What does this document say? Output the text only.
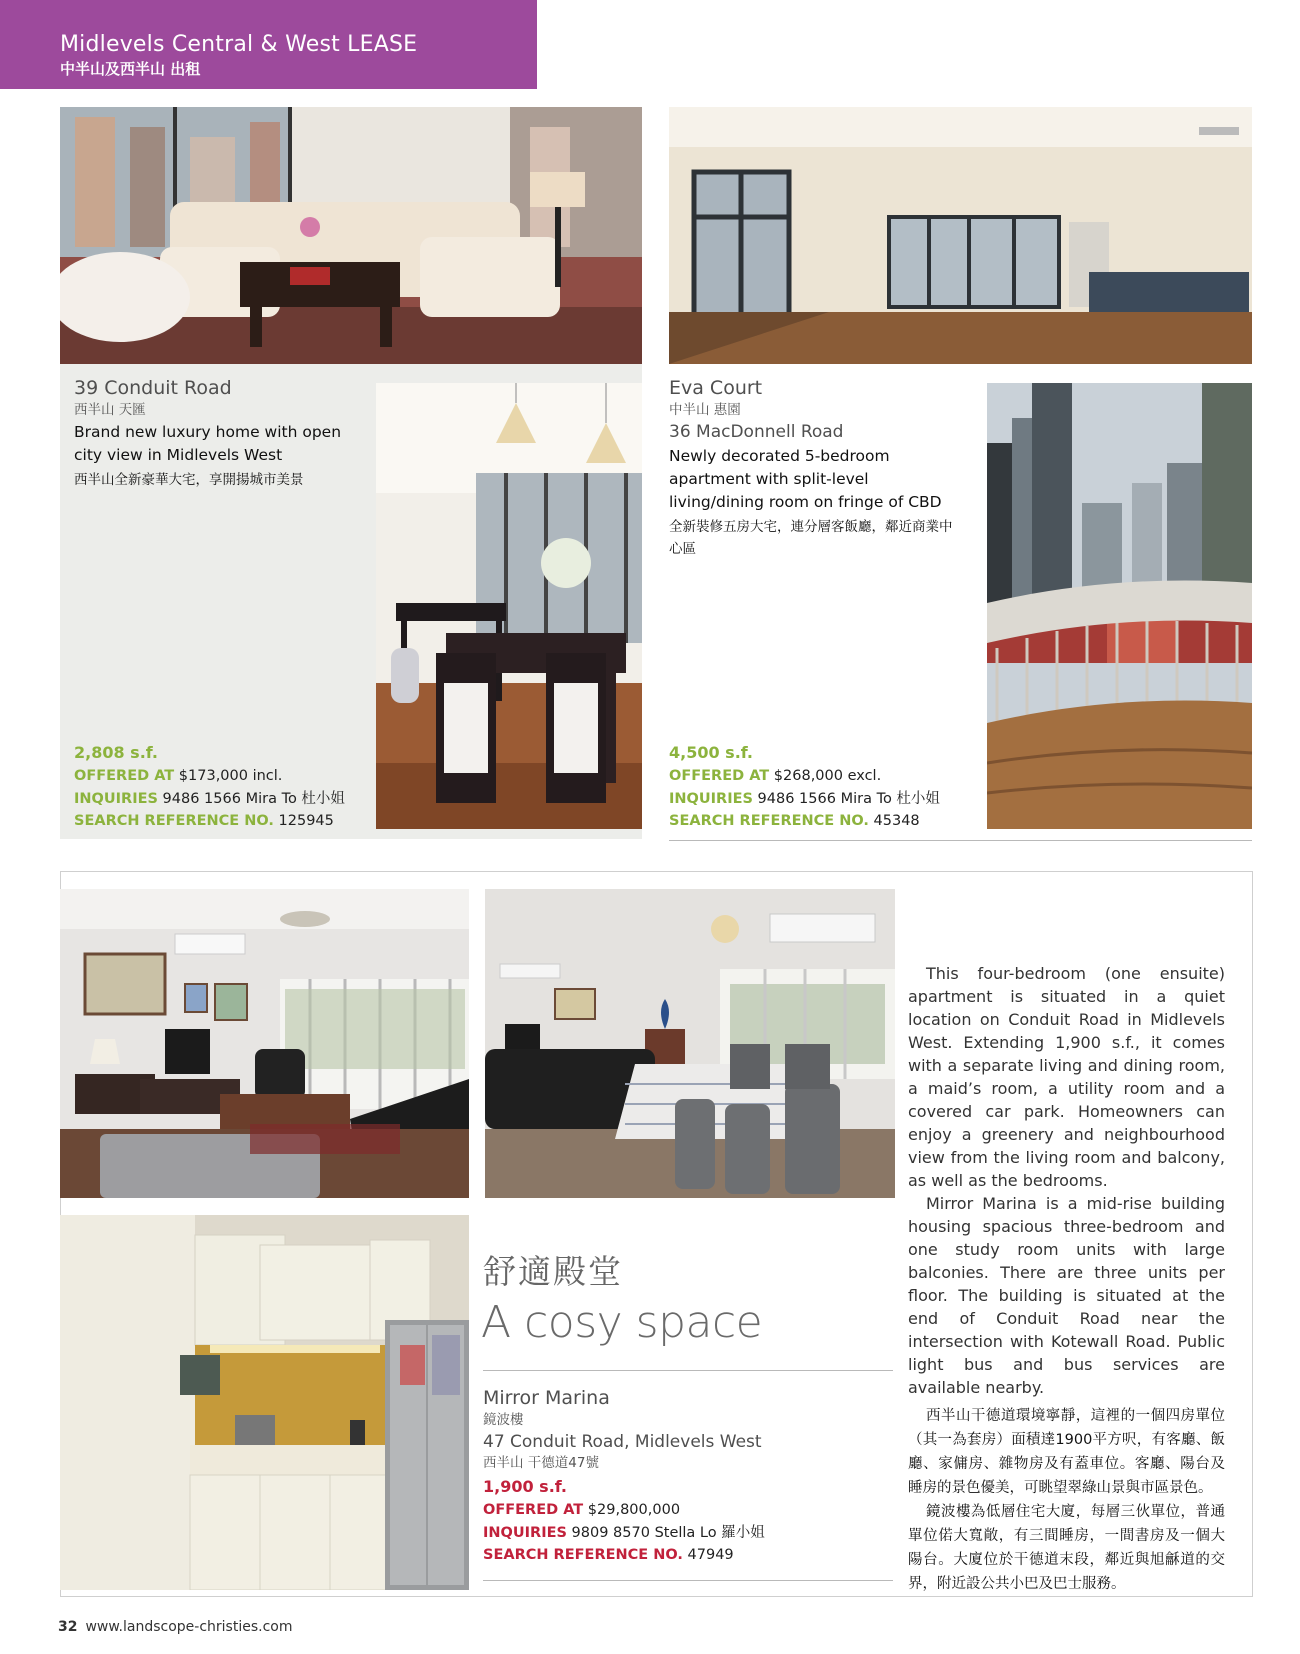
Midlevels Central & West LEASE
中半山及西半山 出租
39 Conduit Road
西半山 天匯
Brand new luxury home with open city view in Midlevels West
西半山全新豪華大宅，享開揚城市美景
2,808 s.f.
OFFERED AT $173,000 incl.
INQUIRIES 9486 1566 Mira To 杜小姐
SEARCH REFERENCE NO. 125945
Eva Court
中半山 惠園
36 MacDonnell Road
Newly decorated 5-bedroom apartment with split-level living/dining room on fringe of CBD
全新裝修五房大宅，連分層客飯廳，鄰近商業中心區
4,500 s.f.
OFFERED AT $268,000 excl.
INQUIRIES 9486 1566 Mira To 杜小姐
SEARCH REFERENCE NO. 45348
舒適殿堂
A cosy space
Mirror Marina
鏡波樓
47 Conduit Road, Midlevels West
西半山 干德道47號
1,900 s.f.
OFFERED AT $29,800,000
INQUIRIES 9809 8570 Stella Lo 羅小姐
SEARCH REFERENCE NO. 47949

This four-bedroom (one ensuite) apartment is situated in a quiet location on Conduit Road in Midlevels West. Extending 1,900 s.f., it comes with a separate living and dining room, a maid’s room, a utility room and a covered car park. Homeowners can enjoy a greenery and neighbourhood view from the living room and balcony, as well as the bedrooms.

Mirror Marina is a mid-rise building housing spacious three-bedroom and one study room units with large balconies. There are three units per floor. The building is situated at the end of Conduit Road near the intersection with Kotewall Road. Public light bus and bus services are available nearby.

西半山干德道環境寧靜，這裡的一個四房單位（其一為套房）面積達1900平方呎，有客廳、飯廳、家傭房、雜物房及有蓋車位。客廳、陽台及睡房的景色優美，可眺望翠綠山景與市區景色。

鏡波樓為低層住宅大廈，每層三伙單位，普通單位偌大寬敞，有三間睡房，一間書房及一個大陽台。大廈位於干德道末段，鄰近與旭龢道的交界，附近設公共小巴及巴士服務。

32 www.landscope-christies.com
